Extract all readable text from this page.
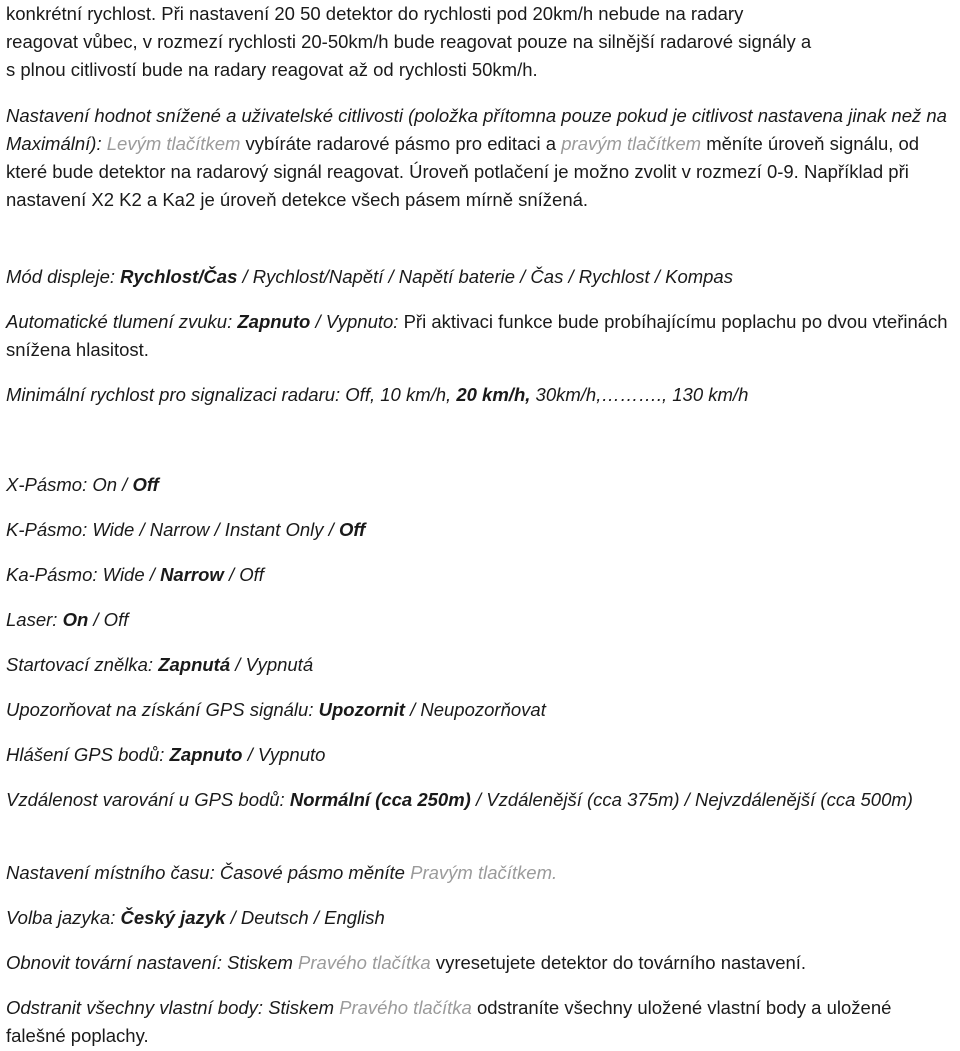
konkrétní rychlost. Při nastavení 20 50 detektor do rychlosti pod 20km/h nebude na radary
reagovat vůbec, v rozmezí rychlosti 20-50km/h bude reagovat pouze na silnější radarové signály a
s plnou citlivostí bude na radary reagovat až od rychlosti 50km/h.

Nastavení hodnot snížené a uživatelské citlivosti (položka přítomna pouze pokud je citlivost nastavena jinak než na Maximální): Levým tlačítkem vybíráte radarové pásmo pro editaci a pravým tlačítkem měníte úroveň signálu, od které bude detektor na radarový signál reagovat. Úroveň potlačení je možno zvolit v rozmezí 0-9. Například při nastavení X2 K2 a Ka2 je úroveň detekce všech pásem mírně snížená.

Mód displeje: Rychlost/Čas / Rychlost/Napětí / Napětí baterie / Čas / Rychlost / Kompas

Automatické tlumení zvuku: Zapnuto / Vypnuto: Při aktivaci funkce bude probíhajícímu poplachu po dvou vteřinách snížena hlasitost.

Minimální rychlost pro signalizaci radaru: Off, 10 km/h, 20 km/h, 30km/h,………., 130 km/h

X-Pásmo: On / Off

K-Pásmo: Wide / Narrow / Instant Only / Off

Ka-Pásmo: Wide / Narrow / Off

Laser: On / Off

Startovací znělka: Zapnutá / Vypnutá

Upozorňovat na získání GPS signálu: Upozornit / Neupozorňovat

Hlášení GPS bodů: Zapnuto / Vypnuto

Vzdálenost varování u GPS bodů: Normální (cca 250m) / Vzdálenější (cca 375m) / Nejvzdálenější (cca 500m)

Nastavení místního času: Časové pásmo měníte Pravým tlačítkem.

Volba jazyka: Český jazyk / Deutsch / English

Obnovit tovární nastavení: Stiskem Pravého tlačítka vyresetujete detektor do továrního nastavení.

Odstranit všechny vlastní body: Stiskem Pravého tlačítka odstraníte všechny uložené vlastní body a uložené falešné poplachy.
